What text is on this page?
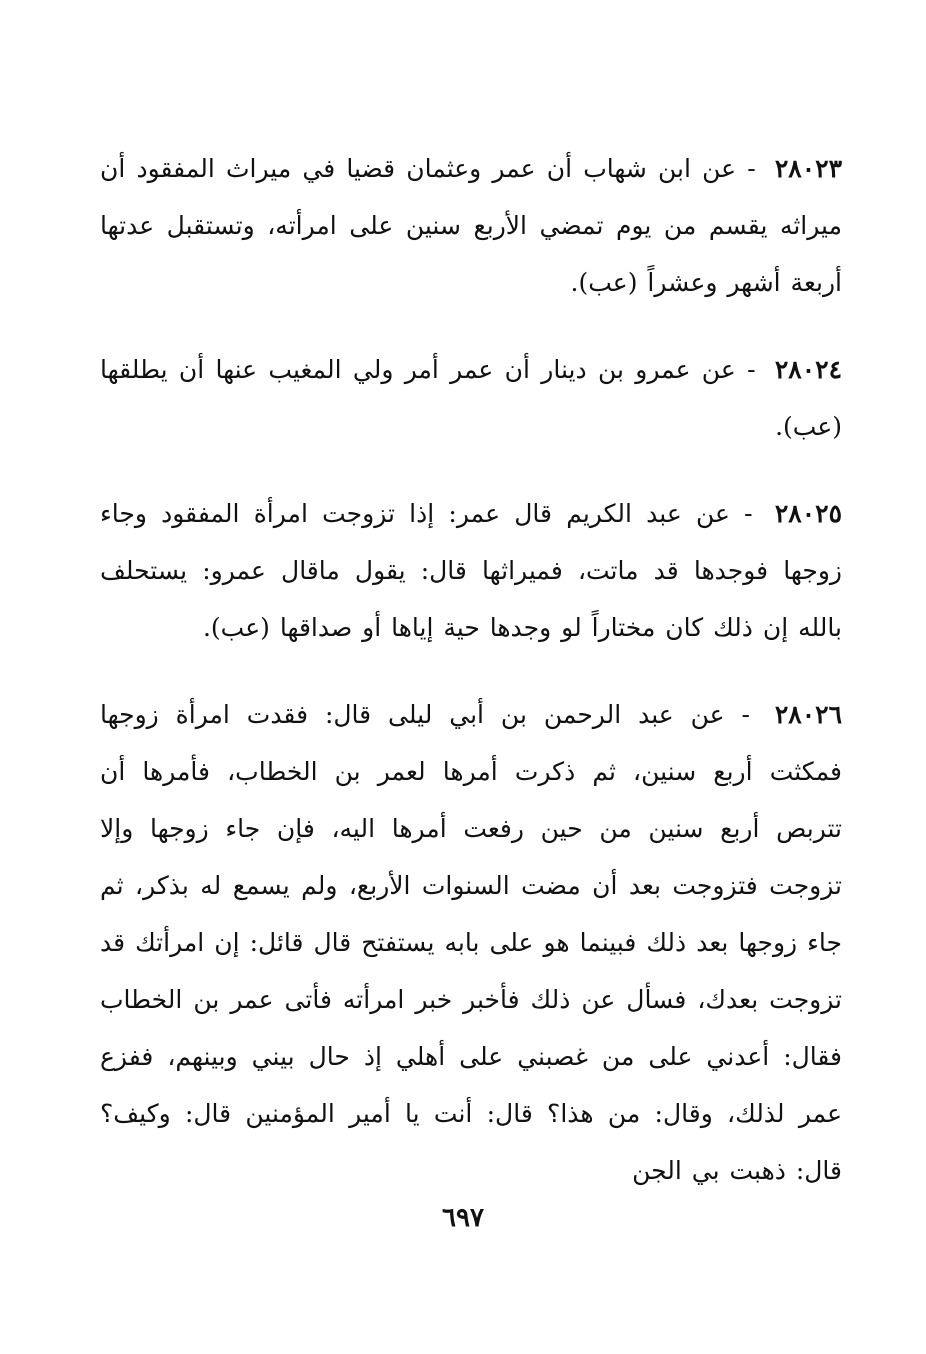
٢٨٠٢٣ - عن ابن شهاب أن عمر وعثمان قضيا في ميراث المفقود أن ميراثه يقسم من يوم تمضي الأربع سنين على امرأته، وتستقبل عدتها أربعة أشهر وعشراً (عب).

٢٨٠٢٤ - عن عمرو بن دينار أن عمر أمر ولي المغيب عنها أن يطلقها (عب).

٢٨٠٢٥ - عن عبد الكريم قال عمر: إذا تزوجت امرأة المفقود وجاء زوجها فوجدها قد ماتت، فميراثها قال: يقول ماقال عمرو: يستحلف بالله إن ذلك كان مختاراً لو وجدها حية إياها أو صداقها (عب).

٢٨٠٢٦ - عن عبد الرحمن بن أبي ليلى قال: فقدت امرأة زوجها فمكثت أربع سنين، ثم ذكرت أمرها لعمر بن الخطاب، فأمرها أن تتربص أربع سنين من حين رفعت أمرها اليه، فإن جاء زوجها وإلا تزوجت فتزوجت بعد أن مضت السنوات الأربع، ولم يسمع له بذكر، ثم جاء زوجها بعد ذلك فبينما هو على بابه يستفتح قال قائل: إن امرأتك قد تزوجت بعدك، فسأل عن ذلك فأخبر خبر امرأته فأتى عمر بن الخطاب فقال: أعدني على من غصبني على أهلي إذ حال بيني وبينهم، ففزع عمر لذلك، وقال: من هذا؟ قال: أنت يا أمير المؤمنين قال: وكيف؟ قال: ذهبت بي الجن

٦٩٧
